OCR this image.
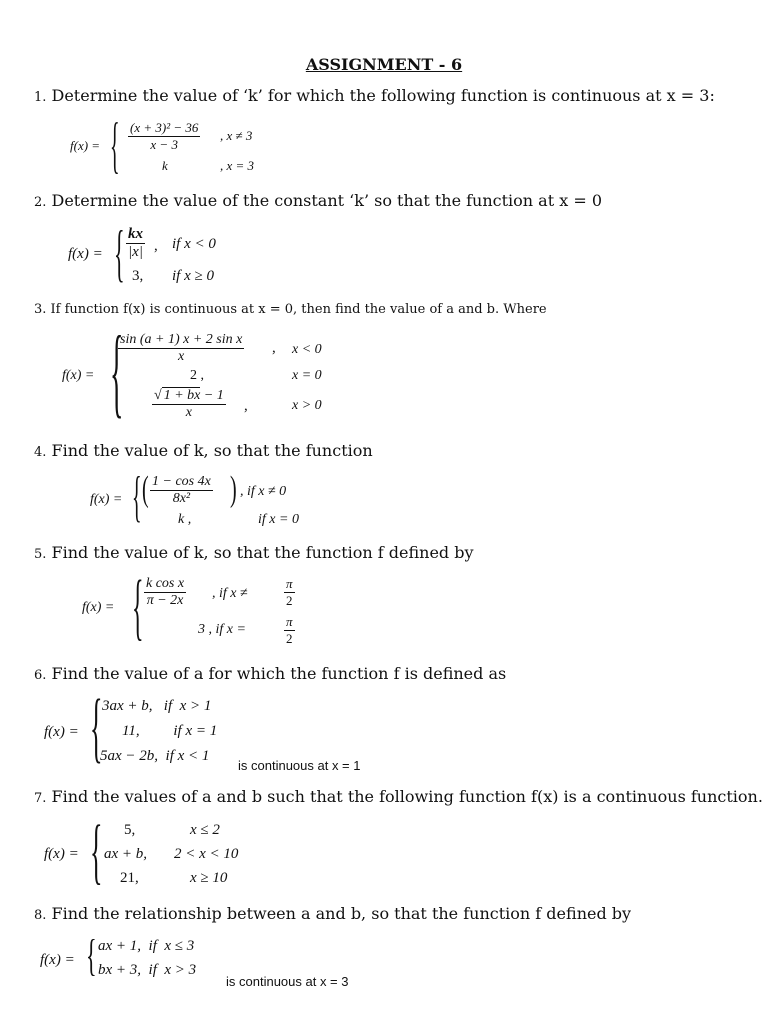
ASSIGNMENT - 6
1. Determine the value of ‘k’ for which the following function is continuous at x = 3:
f(x) = { $\frac{\text{(x + 3)² − 36}}{x - 3}$ , x ≠ 3
k	, x = 3
2. Determine the value of the constant ‘k’ so that the function at x = 0
f(x) = { $\frac{kx}{|x|}$ , if x < 0
3, if x ≥ 0
3. If function f(x) is continuous at x = 0, then find the value of a and b. Where
f(x) = {
$\frac{\text{sin (a + 1) x + 2 sin x}}{x}$ , x < 0
2 ,	x = 0
$\frac{√ 1 + bx - 1}{x}$ ,	x > 0
4. Find the value of k, so that the function
f(x) = { ( $\frac{1 - \cos 4x}{\text{8x²}}$ ) , if x ≠ 0
k ,	if x = 0
5. Find the value of k, so that the function f defined by
f(x) = { $\frac{\text{k cos x}}{\pi - 2x}$ , if x ≠	$\frac{\pi}{2}$
3 , if x =	$\frac{\pi}{2}$
6. Find the value of a for which the function f is defined as
f(x) = { 3ax + b,   if  x > 1
11,         if x = 1
5ax − 2b,  if x < 1
is continuous at x = 1
7. Find the values of a and b such that the following function f(x) is a continuous function.
f(x) = { 5,	x ≤ 2
ax + b, 2 < x < 10
21,	x ≥ 10
8. Find the relationship between a and b, so that the function f defined by
f(x) = { ax + 1,  if  x ≤ 3
bx + 3,  if  x > 3
is continuous at x = 3
